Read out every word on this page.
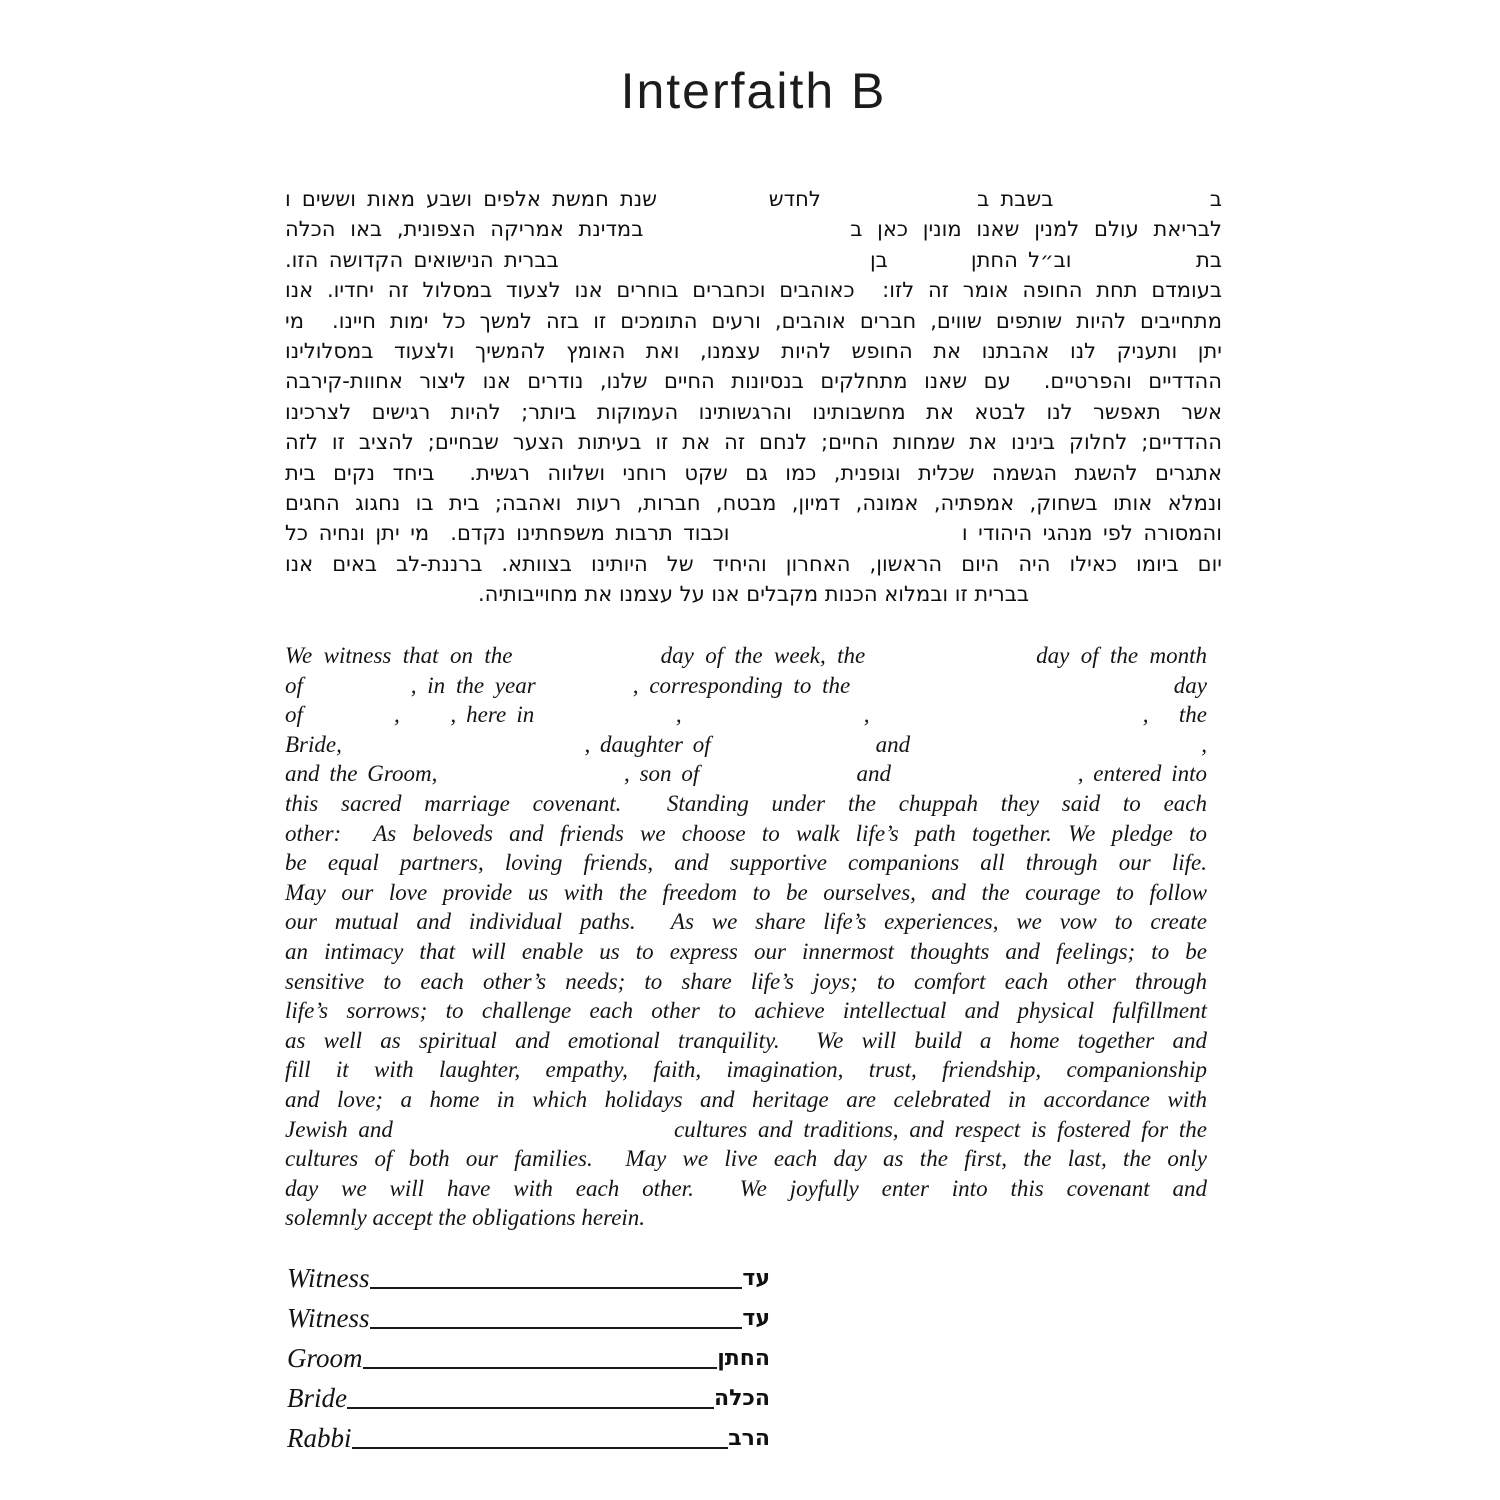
Interfaith B
ב              בשבת ב              לחדש          שנת חמשת אלפים ושבע מאות וששים ו
לבריאת עולם למנין שאנו מונין כאן ב              במדינת אמריקה הצפונית, באו הכלה
בת            וב״ל החתן        בן                              בברית הנישואים הקדושה הזו.
בעומדם תחת החופה אומר זה לזו:  כאוהבים וכחברים בוחרים אנו לצעוד במסלול זה יחדיו. אנו
מתחייבים להיות שותפים שווים, חברים אוהבים, ורעים התומכים זו בזה למשך כל ימות חיינו.  מי
יתן ותעניק לנו אהבתנו את החופש להיות עצמנו, ואת האומץ להמשיך ולצעוד במסלולינו
ההדדיים והפרטיים.  עם שאנו מתחלקים בנסיונות החיים שלנו, נודרים אנו ליצור אחוות-קירבה
אשר תאפשר לנו לבטא את מחשבותינו והרגשותינו העמוקות ביותר; להיות רגישים לצרכינו
ההדדיים; לחלוק בינינו את שמחות החיים; לנחם זה את זו בעיתות הצער שבחיים; להציב זו לזה
אתגרים להשגת הגשמה שכלית וגופנית, כמו גם שקט רוחני ושלווה רגשית.  ביחד נקים בית
ונמלא אותו בשחוק, אמפתיה, אמונה, דמיון, מבטח, חברות, רעות ואהבה; בית בו נחגוג החגים
והמסורה לפי מנהגי היהודי ו                      וכבוד תרבות משפחתינו נקדם.  מי יתן ונחיה כל
יום ביומו כאילו היה היום הראשון, האחרון והיחיד של היותינו בצוותא. ברננת-לב באים אנו
בברית זו ובמלוא הכנות מקבלים אנו על עצמנו את מחוייבותיה.
We witness that on the             day of the week, the               day of the month
of          , in the year         , corresponding to the                              day
of         ,     , here in              ,                  ,                           ,   the
Bride,                         , daughter of                 and                              ,
and the Groom,                   , son of                and                   , entered into
this sacred marriage covenant.  Standing under the chuppah they said to each
other:  As beloveds and friends we choose to walk life’s path together. We pledge to
be equal partners, loving friends, and supportive companions all through our life.
May our love provide us with the freedom to be ourselves, and the courage to follow
our mutual and individual paths.  As we share life’s experiences, we vow to create
an intimacy that will enable us to express our innermost thoughts and feelings; to be
sensitive to each other’s needs; to share life’s joys; to comfort each other through
life’s sorrows; to challenge each other to achieve intellectual and physical fulfillment
as well as spiritual and emotional tranquility.  We will build a home together and
fill it with laughter, empathy, faith, imagination, trust, friendship, companionship
and love; a home in which holidays and heritage are celebrated in accordance with
Jewish and                          cultures and traditions, and respect is fostered for the
cultures of both our families.  May we live each day as the first, the last, the only
day we will have with each other.  We joyfully enter into this covenant and
solemnly accept the obligations herein.
Witness	עד
Witness	עד
Groom	החתן
Bride	הכלה
Rabbi	הרב
